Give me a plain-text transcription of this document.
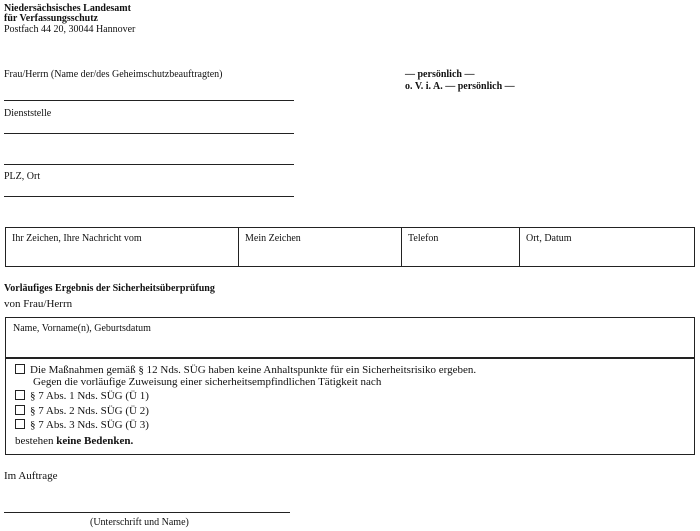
Niedersächsisches Landesamt
für Verfassungsschutz
Postfach 44 20, 30044 Hannover
Frau/Herrn (Name der/des Geheimschutzbeauftragten)
Dienststelle
PLZ, Ort
— persönlich —
o. V. i. A. — persönlich —
Ihr Zeichen, Ihre Nachricht vom	Mein Zeichen	Telefon	Ort, Datum
Vorläufiges Ergebnis der Sicherheitsüberprüfung
von Frau/Herrn
Name, Vorname(n), Geburtsdatum
Die Maßnahmen gemäß § 12 Nds. SÜG haben keine Anhaltspunkte für ein Sicherheitsrisiko ergeben.
Gegen die vorläufige Zuweisung einer sicherheitsempfindlichen Tätigkeit nach
§ 7 Abs. 1 Nds. SÜG (Ü 1)
§ 7 Abs. 2 Nds. SÜG (Ü 2)
§ 7 Abs. 3 Nds. SÜG (Ü 3)
bestehen keine Bedenken.
Im Auftrage
(Unterschrift und Name)
